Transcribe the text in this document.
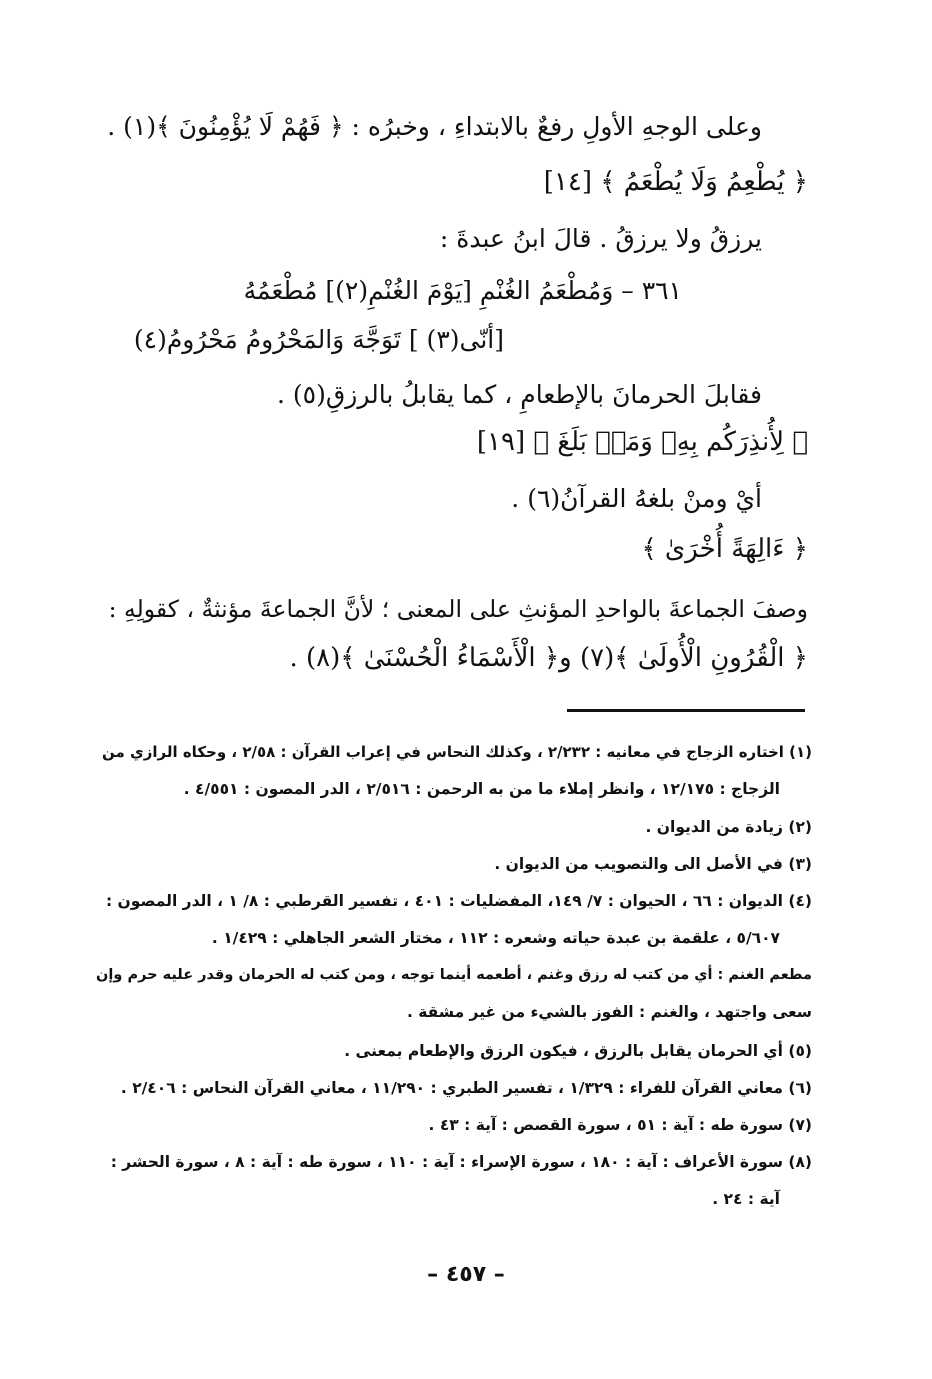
وعلى الوجهِ الأولِ رفعٌ بالابتداءِ ، وخبرُه : ﴿ فَهُمْ لَا يُؤْمِنُونَ ﴾(١) .
﴿ يُطْعِمُ وَلَا يُطْعَمُ ﴾ [١٤]
يرزقُ ولا يرزقُ . قالَ ابنُ عبدةَ :
٣٦١ – وَمُطْعَمُ الغُنْمِ [يَوْمَ الغُنْمِ(٢)] مُطْعَمُهُ
[أنّى(٣) ] تَوَجَّهَ وَالمَحْرُومُ مَحْرُومُ(٤)
فقابلَ الحرمانَ بالإطعامِ ، كما يقابلُ بالرزقِ(٥) .
﴿ لِأُنذِرَكُم بِهِۦ وَمَنۢ بَلَغَ ﴾ [١٩]
أيْ ومنْ بلغهُ القرآنُ(٦) .
﴿ ءَالِهَةً أُخْرَىٰ ﴾
وصفَ الجماعةَ بالواحدِ المؤنثِ على المعنى ؛ لأنَّ الجماعةَ مؤنثةٌ ، كقولِهِ :
﴿ الْقُرُونِ الْأُولَىٰ ﴾(٧) و﴿ الْأَسْمَاءُ الْحُسْنَىٰ ﴾(٨) .
(١) اختاره الزجاج في معانيه : ٢/٢٣٢ ، وكذلك النحاس في إعراب القرآن : ٢/٥٨ ، وحكاه الرازي من
الزجاج : ١٢/١٧٥ ، وانظر إملاء ما من به الرحمن : ٢/٥١٦ ، الدر المصون : ٤/٥٥١ .
(٢) زيادة من الديوان .
(٣) في الأصل الى والتصويب من الديوان .
(٤) الديوان : ٦٦ ، الحيوان : ٧/ ١٤٩، المفضليات : ٤٠١ ، تفسير القرطبي : ٨/ ١ ، الدر المصون :
٥/٦٠٧ ، علقمة بن عبدة حياته وشعره : ١١٢ ، مختار الشعر الجاهلي : ١/٤٢٩ .
مطعم الغنم : أي من كتب له رزق وغنم ، أطعمه أينما توجه ، ومن كتب له الحرمان وقدر عليه حرم وإن
سعى واجتهد ، والغنم : الفوز بالشيء من غير مشقة .
(٥) أي الحرمان يقابل بالرزق ، فيكون الرزق والإطعام بمعنى .
(٦) معاني القرآن للفراء : ١/٣٢٩ ، تفسير الطبري : ١١/٢٩٠ ، معاني القرآن النحاس : ٢/٤٠٦ .
(٧) سورة طه : آية : ٥١ ، سورة القصص : آية : ٤٣ .
(٨) سورة الأعراف : آية : ١٨٠ ، سورة الإسراء : آية : ١١٠ ، سورة طه : آية : ٨ ، سورة الحشر :
آية : ٢٤ .
– ٤٥٧ –
